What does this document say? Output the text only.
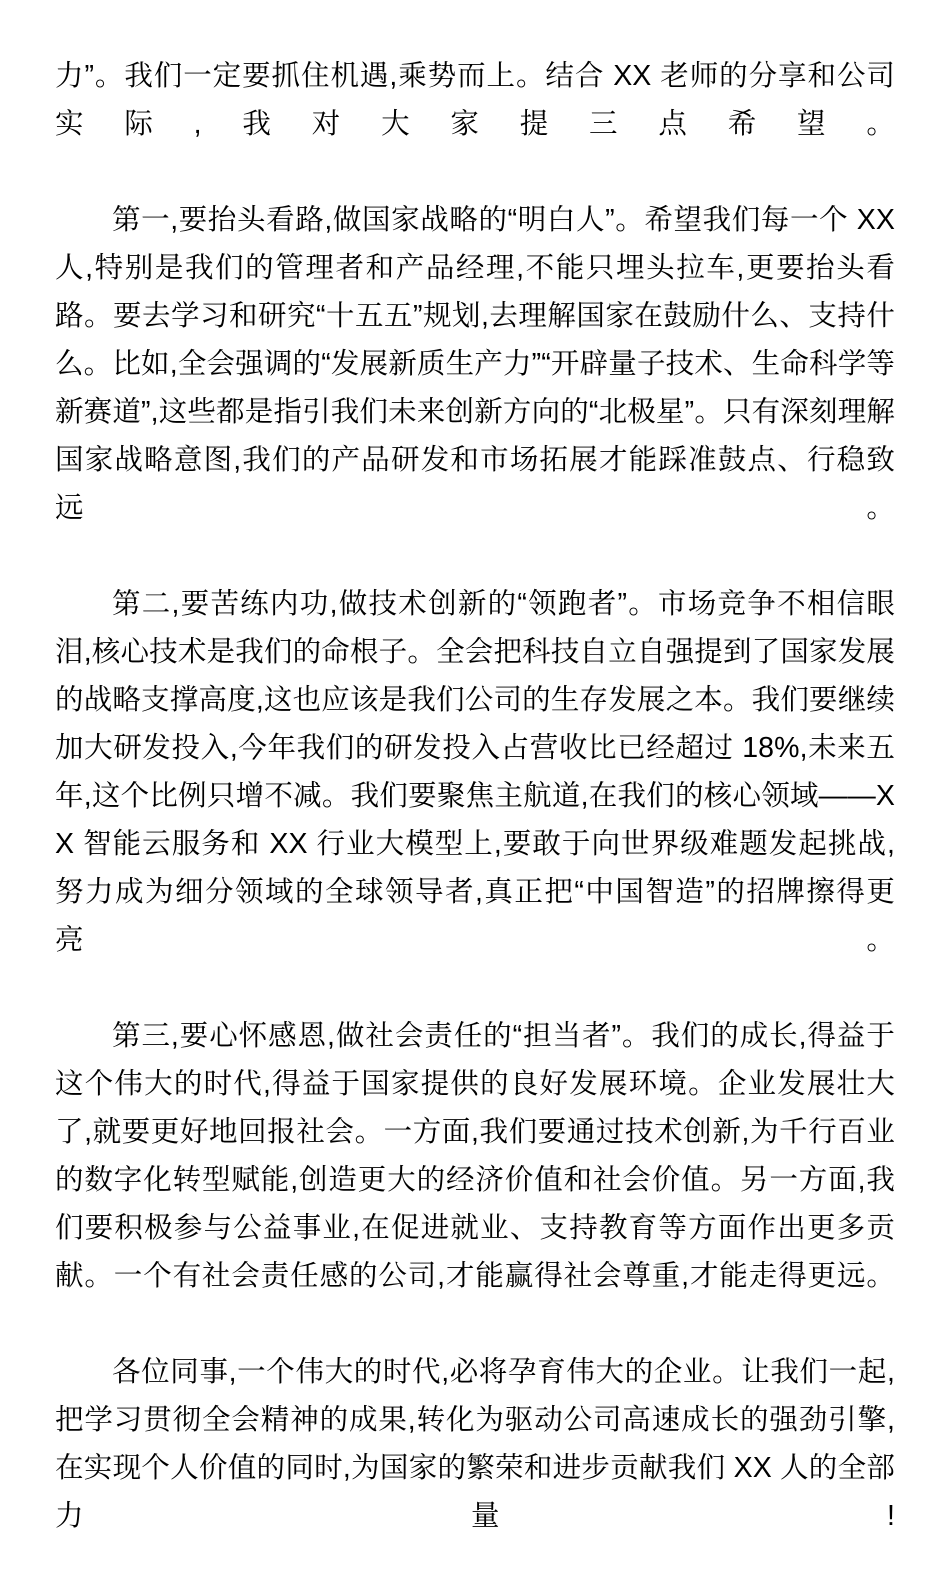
力”。我们一定要抓住机遇,乘势而上。结合 XX 老师的分享和公司实际,我对大家提三点希望。

第一,要抬头看路,做国家战略的“明白人”。希望我们每一个 XX 人,特别是我们的管理者和产品经理,不能只埋头拉车,更要抬头看路。要去学习和研究“十五五”规划,去理解国家在鼓励什么、支持什么。比如,全会强调的“发展新质生产力”“开辟量子技术、生命科学等新赛道”,这些都是指引我们未来创新方向的“北极星”。只有深刻理解国家战略意图,我们的产品研发和市场拓展才能踩准鼓点、行稳致远。

第二,要苦练内功,做技术创新的“领跑者”。市场竞争不相信眼泪,核心技术是我们的命根子。全会把科技自立自强提到了国家发展的战略支撑高度,这也应该是我们公司的生存发展之本。我们要继续加大研发投入,今年我们的研发投入占营收比已经超过 18%,未来五年,这个比例只增不减。我们要聚焦主航道,在我们的核心领域——XX 智能云服务和 XX 行业大模型上,要敢于向世界级难题发起挑战,努力成为细分领域的全球领导者,真正把“中国智造”的招牌擦得更亮。

第三,要心怀感恩,做社会责任的“担当者”。我们的成长,得益于这个伟大的时代,得益于国家提供的良好发展环境。企业发展壮大了,就要更好地回报社会。一方面,我们要通过技术创新,为千行百业的数字化转型赋能,创造更大的经济价值和社会价值。另一方面,我们要积极参与公益事业,在促进就业、支持教育等方面作出更多贡献。一个有社会责任感的公司,才能赢得社会尊重,才能走得更远。

各位同事,一个伟大的时代,必将孕育伟大的企业。让我们一起,把学习贯彻全会精神的成果,转化为驱动公司高速成长的强劲引擎,在实现个人价值的同时,为国家的繁荣和进步贡献我们 XX 人的全部力量!
